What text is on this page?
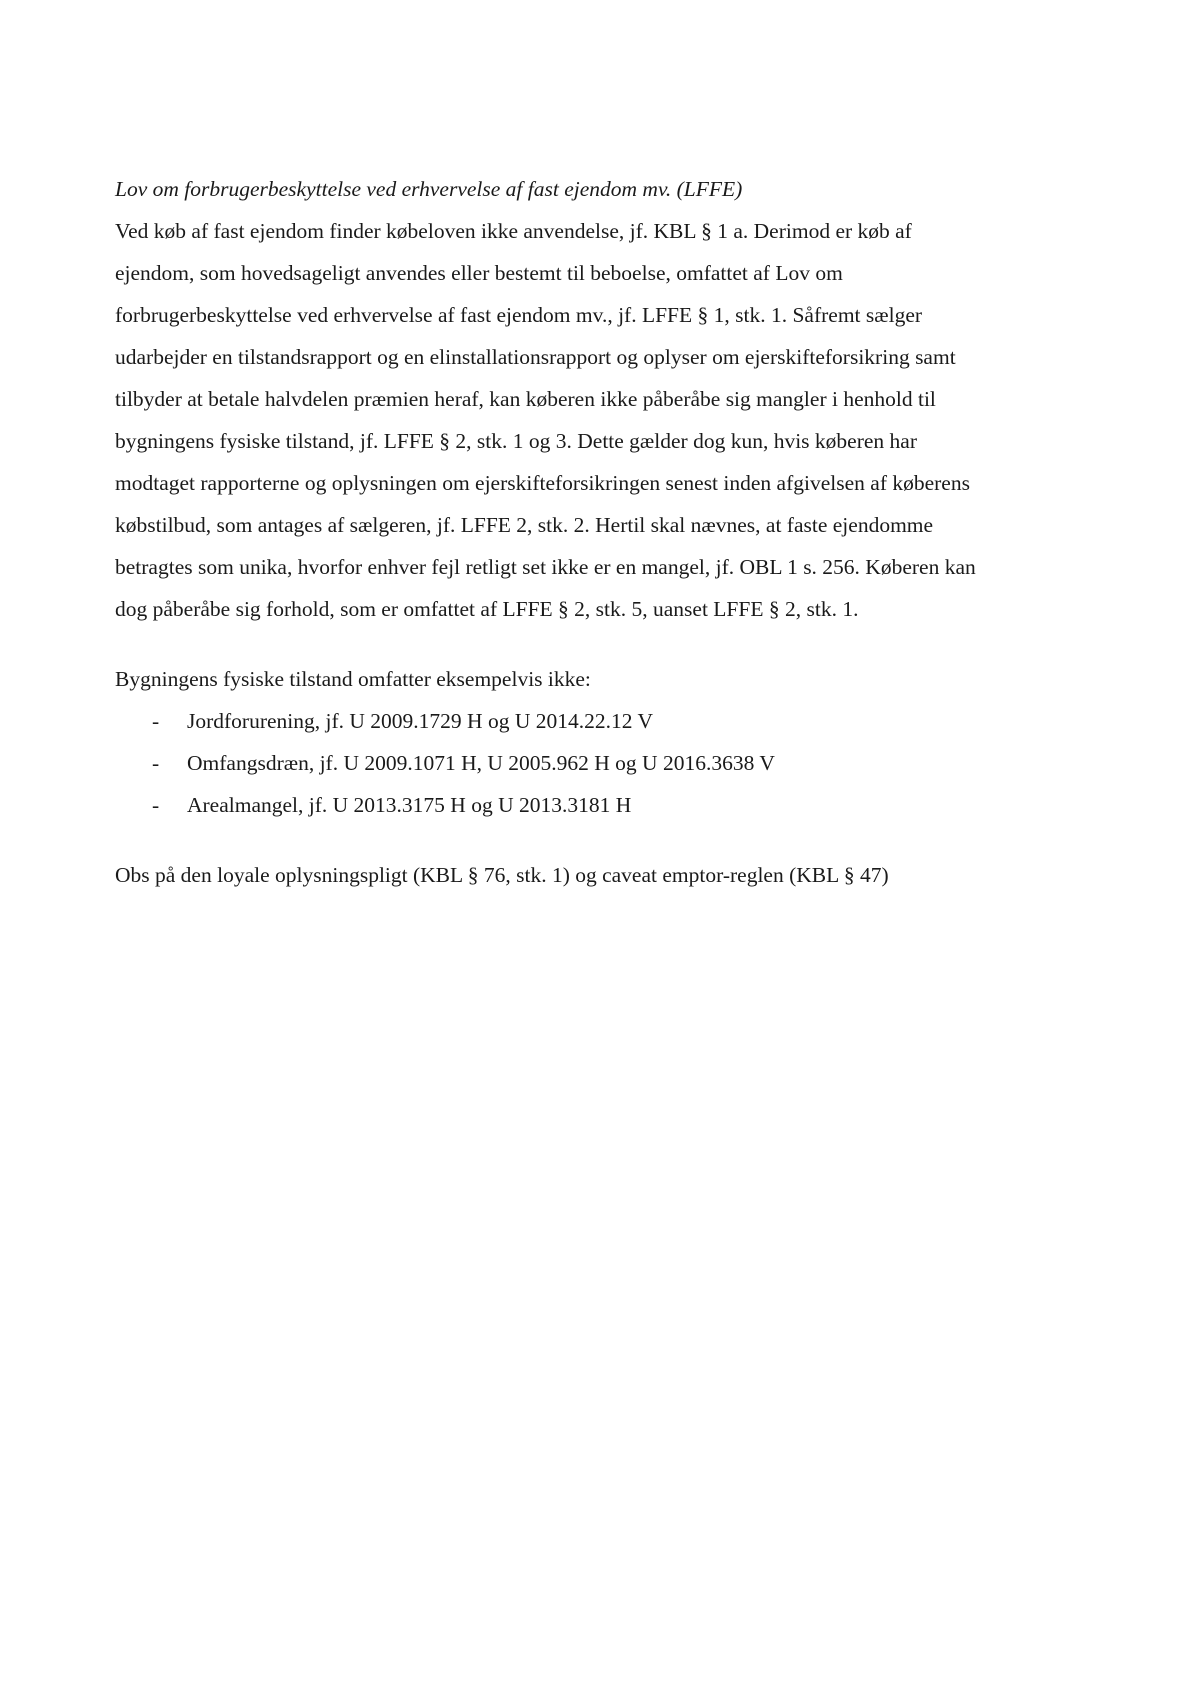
Lov om forbrugerbeskyttelse ved erhvervelse af fast ejendom mv. (LFFE)

Ved køb af fast ejendom finder købeloven ikke anvendelse, jf. KBL § 1 a. Derimod er køb af

ejendom, som hovedsageligt anvendes eller bestemt til beboelse, omfattet af Lov om

forbrugerbeskyttelse ved erhvervelse af fast ejendom mv., jf. LFFE § 1, stk. 1. Såfremt sælger

udarbejder en tilstandsrapport og en elinstallationsrapport og oplyser om ejerskifteforsikring samt

tilbyder at betale halvdelen præmien heraf, kan køberen ikke påberåbe sig mangler i henhold til

bygningens fysiske tilstand, jf. LFFE § 2, stk. 1 og 3. Dette gælder dog kun, hvis køberen har

modtaget rapporterne og oplysningen om ejerskifteforsikringen senest inden afgivelsen af køberens

købstilbud, som antages af sælgeren, jf. LFFE 2, stk. 2. Hertil skal nævnes, at faste ejendomme

betragtes som unika, hvorfor enhver fejl retligt set ikke er en mangel, jf. OBL 1 s. 256. Køberen kan

dog påberåbe sig forhold, som er omfattet af LFFE § 2, stk. 5, uanset LFFE § 2, stk. 1.

Bygningens fysiske tilstand omfatter eksempelvis ikke:

- Jordforurening, jf. U 2009.1729 H og U 2014.22.12 V
- Omfangsdræn, jf. U 2009.1071 H, U 2005.962 H og U 2016.3638 V
- Arealmangel, jf. U 2013.3175 H og U 2013.3181 H

Obs på den loyale oplysningspligt (KBL § 76, stk. 1) og caveat emptor-reglen (KBL § 47)
